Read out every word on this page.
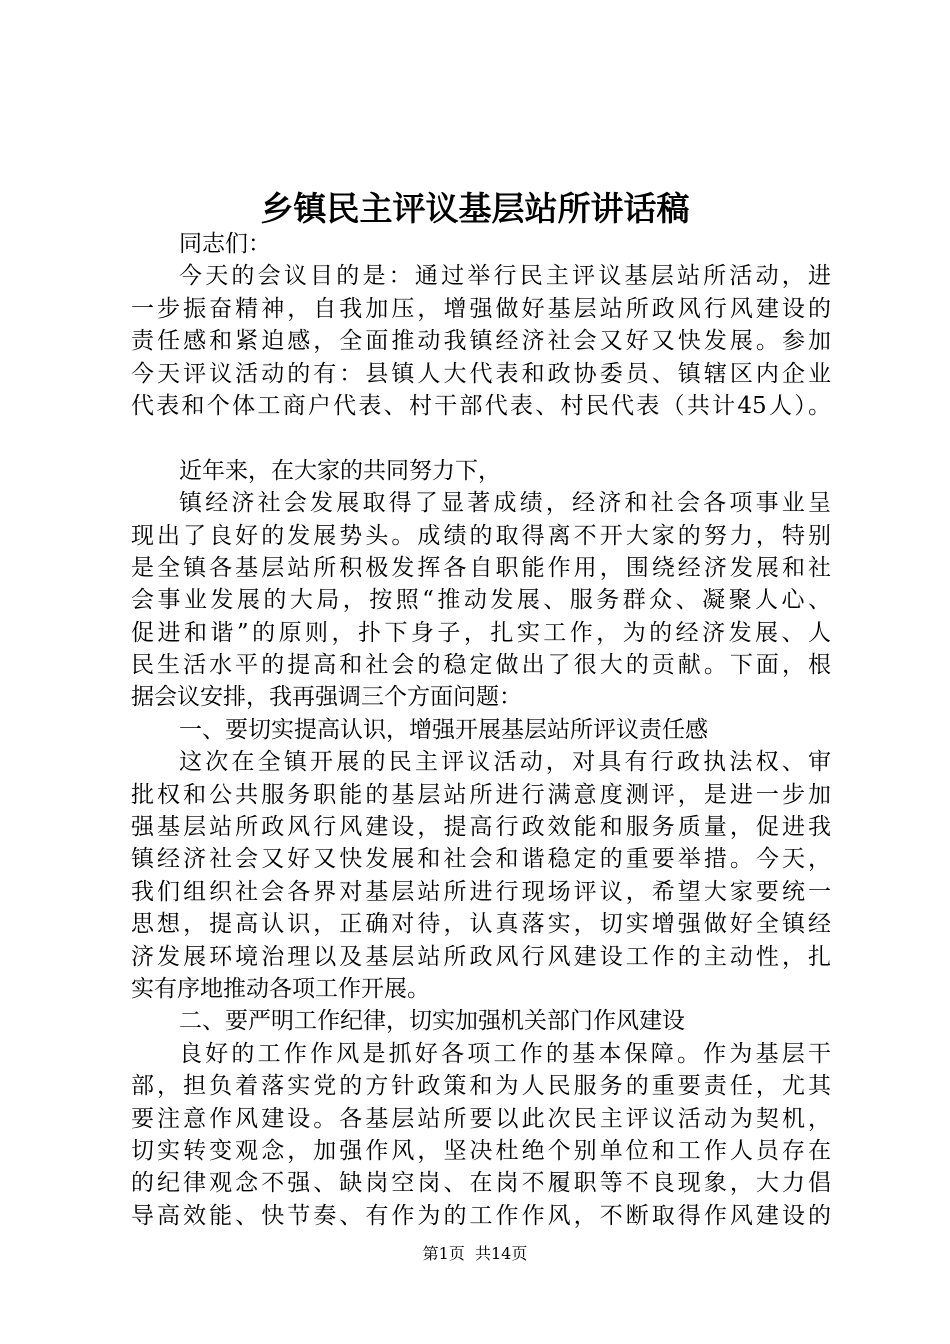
乡镇民主评议基层站所讲话稿
同志们：
今天的会议目的是：通过举行民主评议基层站所活动，进
一步振奋精神，自我加压，增强做好基层站所政风行风建设的
责任感和紧迫感，全面推动我镇经济社会又好又快发展。参加
今天评议活动的有：县镇人大代表和政协委员、镇辖区内企业
代表和个体工商户代表、村干部代表、村民代表（共计45人）。
近年来，在大家的共同努力下，
镇经济社会发展取得了显著成绩，经济和社会各项事业呈
现出了良好的发展势头。成绩的取得离不开大家的努力，特别
是全镇各基层站所积极发挥各自职能作用，围绕经济发展和社
会事业发展的大局，按照“推动发展、服务群众、凝聚人心、
促进和谐”的原则，扑下身子，扎实工作，为的经济发展、人
民生活水平的提高和社会的稳定做出了很大的贡献。下面，根
据会议安排，我再强调三个方面问题：
一、要切实提高认识，增强开展基层站所评议责任感
这次在全镇开展的民主评议活动，对具有行政执法权、审
批权和公共服务职能的基层站所进行满意度测评，是进一步加
强基层站所政风行风建设，提高行政效能和服务质量，促进我
镇经济社会又好又快发展和社会和谐稳定的重要举措。今天，
我们组织社会各界对基层站所进行现场评议，希望大家要统一
思想，提高认识，正确对待，认真落实，切实增强做好全镇经
济发展环境治理以及基层站所政风行风建设工作的主动性，扎
实有序地推动各项工作开展。
二、要严明工作纪律，切实加强机关部门作风建设
良好的工作作风是抓好各项工作的基本保障。作为基层干
部，担负着落实党的方针政策和为人民服务的重要责任，尤其
要注意作风建设。各基层站所要以此次民主评议活动为契机，
切实转变观念，加强作风，坚决杜绝个别单位和工作人员存在
的纪律观念不强、缺岗空岗、在岗不履职等不良现象，大力倡
导高效能、快节奏、有作为的工作作风，不断取得作风建设的
第1页  共14页
